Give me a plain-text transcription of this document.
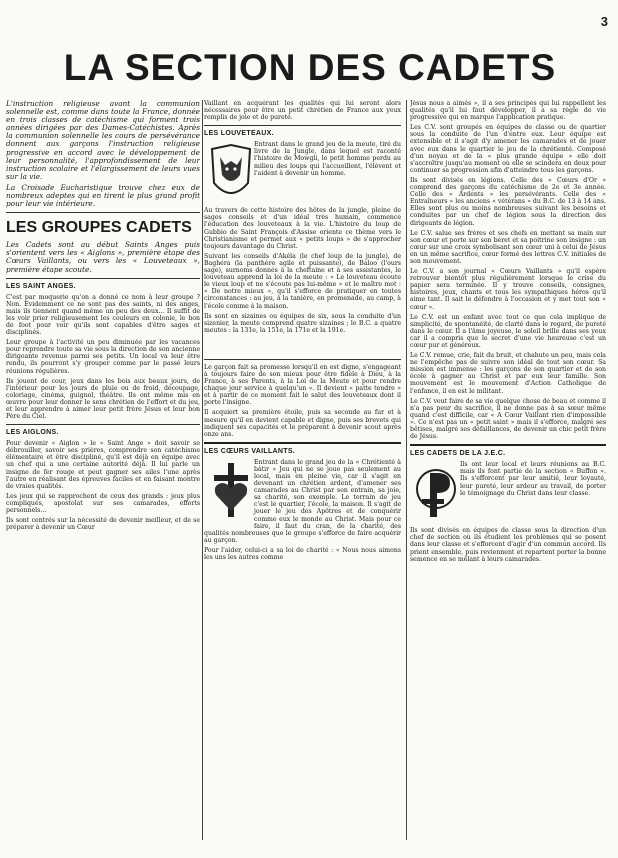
3
LA SECTION DES CADETS

L'instruction religieuse avant la communion solennelle est, comme dans toute la France, donnée en trois classes de catéchisme qui forment trois années dirigées par des Dames-Catéchistes. Après la communion solennelle les cours de persévérance donnent aux garçons l'instruction religieuse progressive en accord avec le développement de leur personnalité, l'approfondissement de leur instruction scolaire et l'élargissement de leurs vues sur la vie.

La Croisade Eucharistique trouve chez eux de nombreux adeptes qui en tirent le plus grand profit pour leur vie intérieure.

LES GROUPES CADETS

Les Cadets sont au début Saints Anges puis s'orientent vers les « Aiglons », première étape des Cœurs Vaillants, ou vers les « Louveteaux », première étape scoute.

LES SAINT ANGES.

C'est par moquerie qu'on a donné ce nom à leur groupe ? Non. Evidemment ce ne sont pas des saints, ni des anges, mais ils tiennent quand même un peu des deux... Il suffit de les voir prier religieusement les couleurs en colonie, le bon de foot pour voir qu'ils sont capables d'être sages et disciplinés.

Leur groupe à l'activité un peu diminuée par les vacances pour reprendre toute sa vie sous la direction de son ancienne dirigeante revenue parmi ses petits. Un local va leur être rendu, ils pourront s'y grouper comme par le passé leurs réunions régulières.

Ils jouent de cour, jeux dans les bois aux beaux jours, de l'intérieur pour les jours de pluie ou de froid, découpage, coloriage, cinéma, guignol, théâtre. Ils ont même mis en œuvre pour leur donner le sens chrétien de l'effort et du jeu, et leur apprendre à aimer leur petit frère Jésus et leur bon Père du Ciel.

LES AIGLONS.

Pour devenir « Aiglon » le « Saint Ange » doit savoir se débrouiller, savoir ses prières, comprendre son catéchisme élémentaire et être discipliné, qu'il est déjà en équipe avec un chef qui a une certaine autorité déjà. Il lui parle un insigne de fer rouge et peut gagner ses ailes l'une après l'autre en réalisant des épreuves faciles et en faisant montre de vraies qualités.

Les jeux qui se rapprochent de ceux des grands : jeux plus compliqués, apostolat sur ses camarades, efforts personnels...

Ils sont centrés sur la nécessité de devenir meilleur, et de se préparer à devenir un Cœur

Vaillant en acquérant les qualités qui lui seront alors nécessaires pour être un petit chrétien de France aux yeux remplis de joie et de pureté.

LES LOUVETEAUX.

Entrant dans le grand jeu de la meute, tiré du livre de la Jungle, dans lequel est raconté l'histoire de Mowgli, le petit homme perdu au milieu des loups qui l'accueillent, l'élèvent et l'aident à devenir un homme.

Au travers de cette histoire des hôtes de la jungle, pleine de sages conseils et d'un idéal très humain, commence l'éducation des louveteaux à la vie. L'histoire du loup de Gubbio de Saint François d'Assise oriente ce thème vers le Christianisme et permet aux « petits loups » de s'approcher toujours davantage du Christ.

Suivant les conseils d'Akéla (le chef loup de la jungle), de Baghéra (la panthère agile et puissante), de Baloo (l'ours sage), surnoms donnés à la cheftaine et à ses assistantes, le louveteau apprend la loi de la meute : « Le louveteau écoute le vieux loup et ne s'écoute pas lui-même » et le maître mot : « De notre mieux », qu'il s'efforce de pratiquer en toutes circonstances : au jeu, à la tanière, en promenade, au camp, à l'école comme à la maison.

Ils sont en sizaines ou équipes de six, sous la conduite d'un sizenier, la meute comprend quatre sizaines ; le B.C. a quatre meutes : la 131e, la 151e, la 171e et la 191e.

Le garçon fait sa promesse lorsqu'il en est digne, s'engageant à toujours faire de son mieux pour être fidèle à Dieu, à la France, à ses Parents, à la Loi de la Meute et pour rendre chaque jour service à quelqu'un ». Il devient « patte tendre » et à partir de ce moment fait le salut des louveteaux dont il porte l'insigne.

Il acquiert sa première étoile, puis sa seconde au fur et à mesure qu'il en devient capable et digne, puis ses brevets qui indiquent ses capacités et le préparent à devenir scout après onze ans.

LES CŒURS VAILLANTS.

Entrant dans le grand jeu de la « Chrétienté à bâtir » Jeu qui ne se joue pas seulement au local, mais en pleine vie, car il s'agit en devenant un chrétien ardent, d'amener ses camarades au Christ par son entrain, sa joie, sa charité, son exemple. Le terrain de jeu c'est le quartier, l'école, la maison. Il s'agit de jouer le jeu des Apôtres et de conquérir comme eux le monde au Christ. Mais pour ce faire, il faut du cran, de la charité, des qualités nombreuses que le groupe s'efforce de faire acquérir au garçon.

Pour l'aider, celui-ci a sa loi de charité : « Nous nous aimons les uns les autres comme

Jésus nous a aimés », il a ses principes qui lui rappellent les qualités qu'il lui faut développer, il a sa règle de vie progressive qui en marque l'application pratique.

Les C.V. sont groupés en équipes de classe ou de quartier sous la conduite de l'un d'entre eux. Leur équipe est extensible et il s'agit d'y amener les camarades et de jouer avec eux dans le quartier le jeu de la chrétienté. Composé d'un noyau et de la « plus grande équipe » elle doit s'accroître jusqu'au moment où elle se scindera en deux pour continuer sa progression afin d'atteindre tous les garçons.

Ils sont divisés en légions. Celle des « Cœurs d'Or » comprend des garçons du catéchisme de 2e et 3e année. Celle des « Ardents » les persévérants. Celle des « Entraîneurs » les anciens « vétérans » du B.C. de 13 à 14 ans. Elles sont plus ou moins nombreuses suivant les besoins et conduites par un chef de légion sous la direction des dirigeants de légion.

Le C.V. salue ses frères et ses chefs en mettant sa main sur son cœur et porte sur son béret et sa poitrine son insigne : un cœur sur une croix symbolisant son cœur uni à celui de Jésus en un même sacrifice, cœur formé des lettres C.V. initiales de son mouvement.

Le C.V. a son journal « Cœurs Vaillants » qu'il espère retrouver bientôt plus régulièrement lorsque le crise du papier sera terminée. Il y trouve conseils, consignes, histoires, jeux, chants et tous les sympathiques héros qu'il aime tant. Il sait le défendre à l'occasion et y met tout son « cœur ».

Le C.V. est un enfant avec tout ce que cela implique de simplicité, de spontanéité, de clarté dans le regard, de pureté dans le cœur. Il a l'âme joyeuse, le soleil brille dans ses yeux car il a compris que le secret d'une vie heureuse c'est un cœur pur et généreux.

Le C.V. remue, crie, fait du bruit, et chahute un peu, mais cela ne l'empêche pas de suivre son idéal de tout son cœur. Sa mission est immense : les garçons de son quartier et de son école à gagner au Christ et par eux leur famille. Son mouvement est le mouvement d'Action Catholique de l'enfance, il en est le militant.

Le C.V. veut faire de sa vie quelque chose de beau et comme il n'a pas peur du sacrifice, il ne donne pas à sa sœur même quand c'est difficile, car « A Cœur Vaillant rien d'impossible ». Ce n'est pas un « petit saint » mais il s'efforce, malgré ses bêtises, malgré ses défaillances, de devenir un chic petit frère de Jésus.

LES CADETS DE LA J.E.C.

Ils ont leur local et leurs réunions au B.C. mais ils font partie de la section « Buffon ». Ils s'efforcent par leur amitié, leur loyauté, leur pureté, leur ardeur au travail, de porter le témoignage du Christ dans leur classe.

Ils sont divisés en équipes de classe sous la direction d'un chef de section où ils étudient les problèmes qui se posent dans leur classe et s'efforcent d'agir d'un commun accord. Ils prient ensemble, puis reviennent et repartent porter la bonne semence en se mêlant à leurs camarades.
